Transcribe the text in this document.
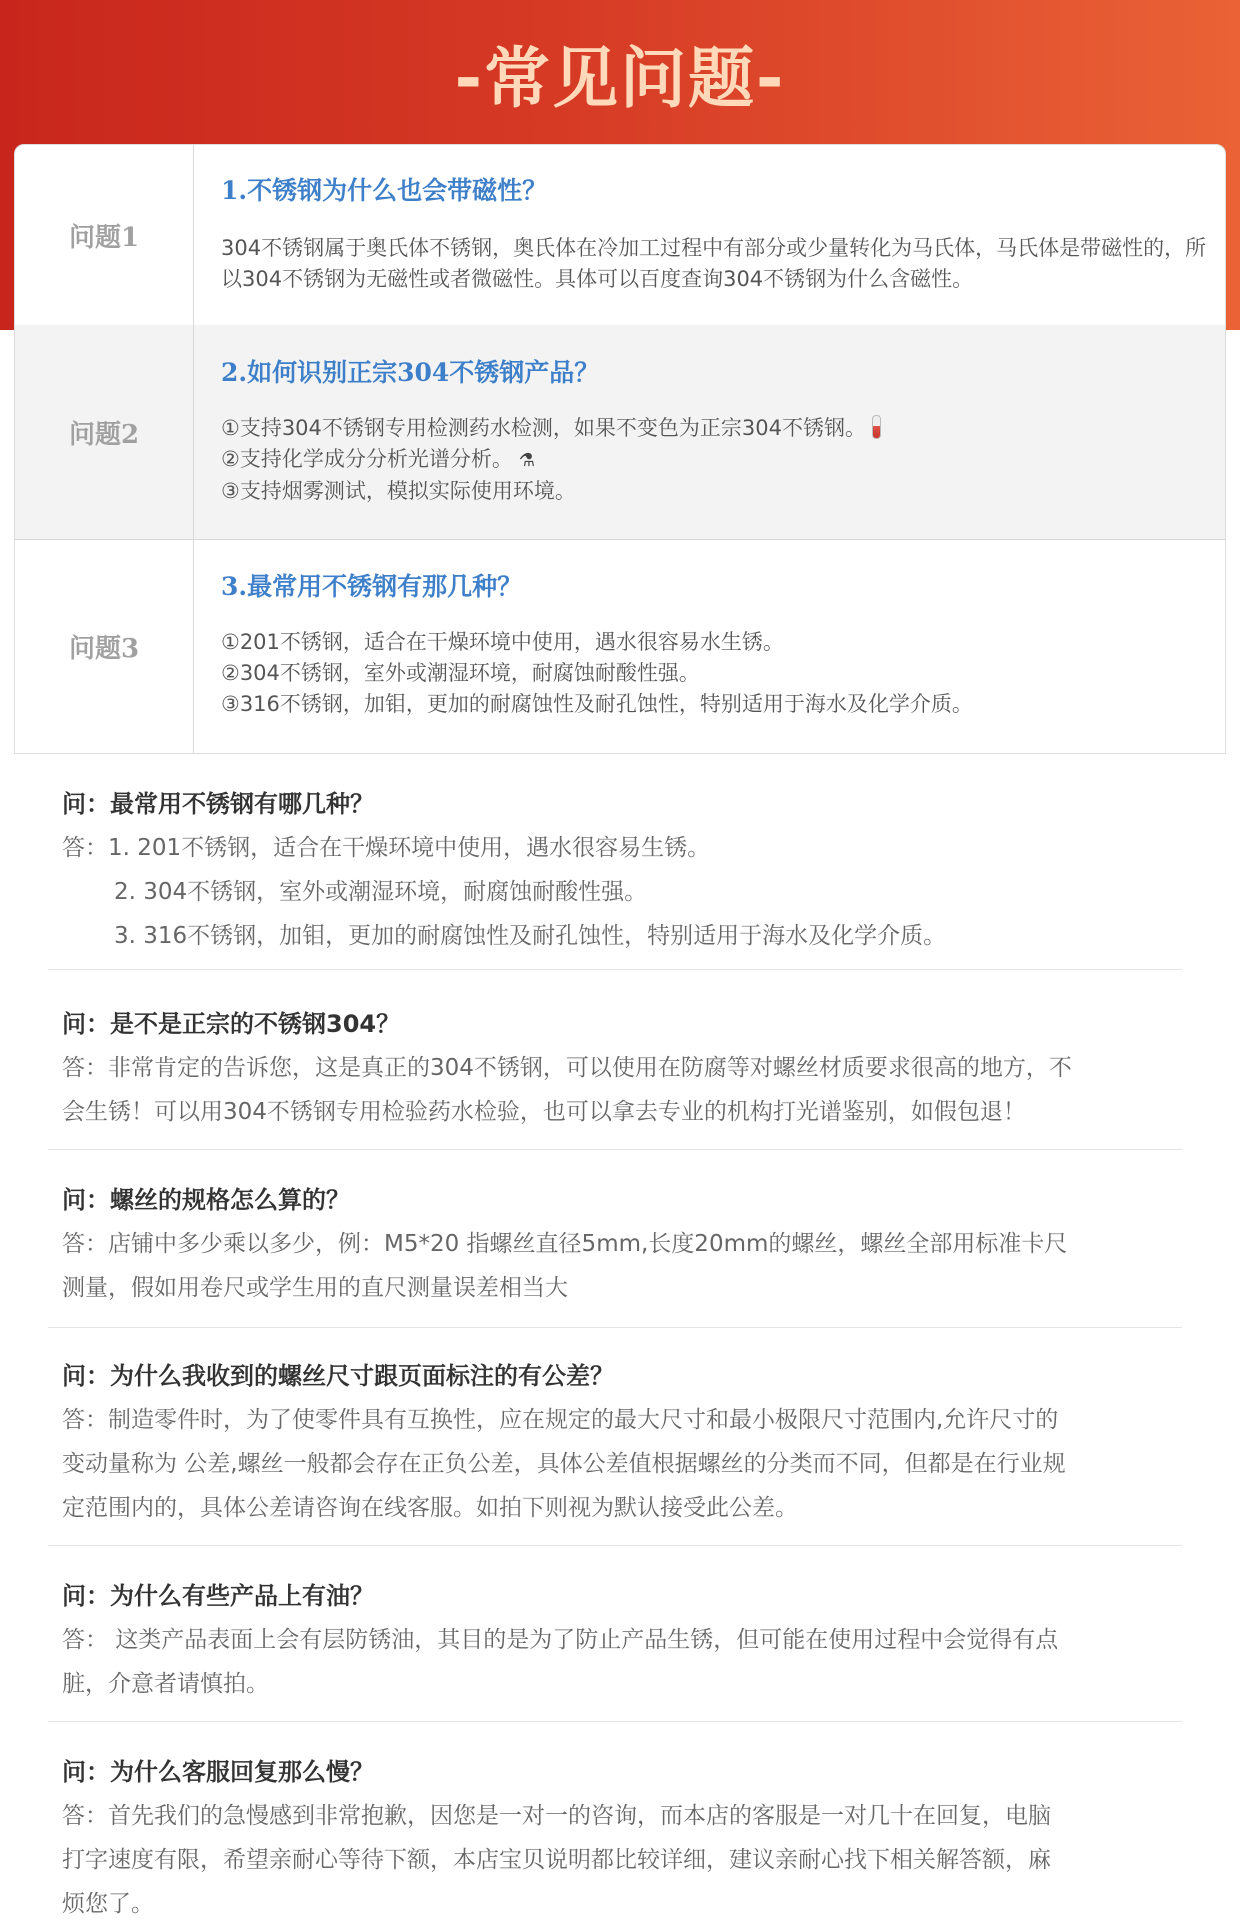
-常见问题-
问题1
1.不锈钢为什么也会带磁性？
304不锈钢属于奥氏体不锈钢，奥氏体在冷加工过程中有部分或少量转化为马氏体，马氏体是带磁性的，所以304不锈钢为无磁性或者微磁性。具体可以百度查询304不锈钢为什么含磁性。
问题2
2.如何识别正宗304不锈钢产品？
①支持304不锈钢专用检测药水检测，如果不变色为正宗304不锈钢。
②支持化学成分分析光谱分析。 ⚗
③支持烟雾测试，模拟实际使用环境。
问题3
3.最常用不锈钢有那几种？
①201不锈钢，适合在干燥环境中使用，遇水很容易水生锈。
②304不锈钢，室外或潮湿环境，耐腐蚀耐酸性强。
③316不锈钢，加钼，更加的耐腐蚀性及耐孔蚀性，特别适用于海水及化学介质。
问：最常用不锈钢有哪几种？
答：1. 201不锈钢，适合在干燥环境中使用，遇水很容易生锈。
2. 304不锈钢，室外或潮湿环境，耐腐蚀耐酸性强。
3. 316不锈钢，加钼，更加的耐腐蚀性及耐孔蚀性，特别适用于海水及化学介质。
问：是不是正宗的不锈钢304？
答：非常肯定的告诉您，这是真正的304不锈钢，可以使用在防腐等对螺丝材质要求很高的地方，不
会生锈！可以用304不锈钢专用检验药水检验，也可以拿去专业的机构打光谱鉴别，如假包退！
问：螺丝的规格怎么算的？
答：店铺中多少乘以多少，例：M5*20 指螺丝直径5mm,长度20mm的螺丝，螺丝全部用标准卡尺
测量，假如用卷尺或学生用的直尺测量误差相当大
问：为什么我收到的螺丝尺寸跟页面标注的有公差？
答：制造零件时，为了使零件具有互换性，应在规定的最大尺寸和最小极限尺寸范围内,允许尺寸的
变动量称为 公差,螺丝一般都会存在正负公差，具体公差值根据螺丝的分类而不同，但都是在行业规
定范围内的，具体公差请咨询在线客服。如拍下则视为默认接受此公差。
问：为什么有些产品上有油？
答： 这类产品表面上会有层防锈油，其目的是为了防止产品生锈，但可能在使用过程中会觉得有点
脏，介意者请慎拍。
问：为什么客服回复那么慢？
答：首先我们的急慢感到非常抱歉，因您是一对一的咨询，而本店的客服是一对几十在回复，电脑
打字速度有限，希望亲耐心等待下额，本店宝贝说明都比较详细，建议亲耐心找下相关解答额，麻
烦您了。
